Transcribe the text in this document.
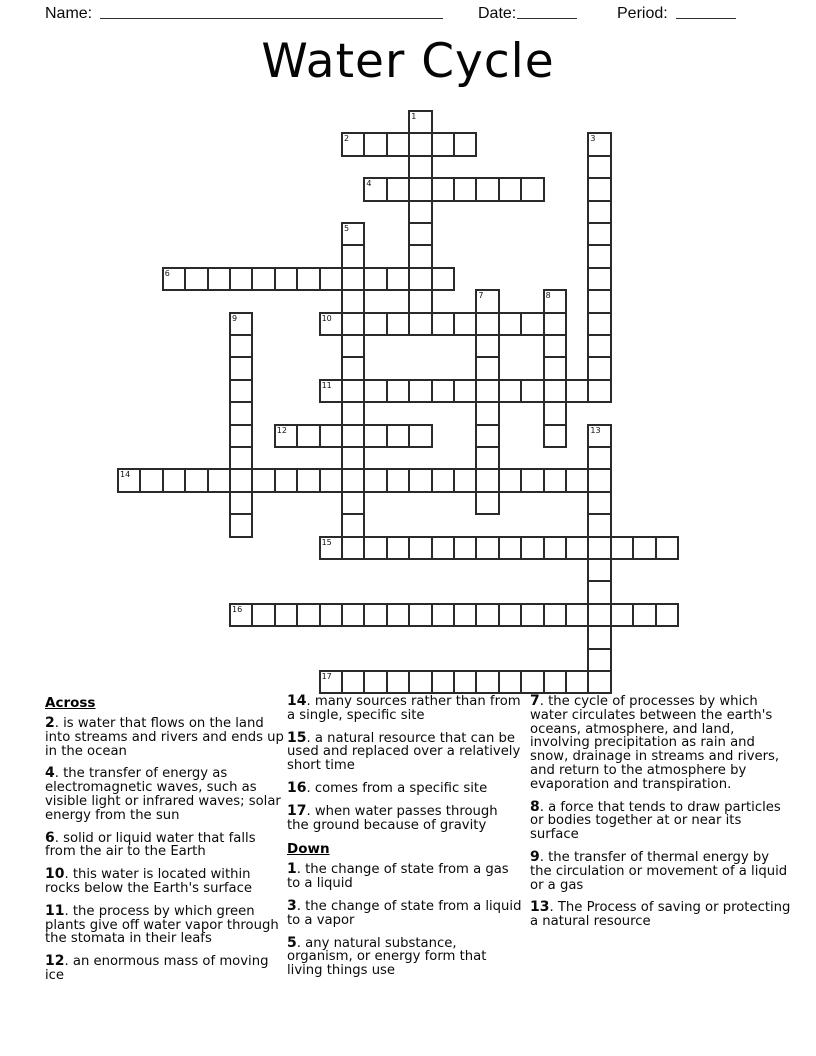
Name:	Date:	Period:
Water Cycle
1
2	3
4
5
6
7	8
9	10
11
12	13
14
15
16
17
Across
2. is water that flows on the land into streams and rivers and ends up in the ocean
4. the transfer of energy as electromagnetic waves, such as visible light or infrared waves; solar energy from the sun
6. solid or liquid water that falls from the air to the Earth
10. this water is located within rocks below the Earth's surface
11. the process by which green plants give off water vapor through the stomata in their leafs
12. an enormous mass of moving ice
14. many sources rather than from a single, specific site
15. a natural resource that can be used and replaced over a relatively short time
16. comes from a specific site
17. when water passes through the ground because of gravity
Down
1. the change of state from a gas to a liquid
3. the change of state from a liquid to a vapor
5. any natural substance, organism, or energy form that living things use
7. the cycle of processes by which water circulates between the earth's oceans, atmosphere, and land, involving precipitation as rain and snow, drainage in streams and rivers, and return to the atmosphere by evaporation and transpiration.
8. a force that tends to draw particles or bodies together at or near its surface
9. the transfer of thermal energy by the circulation or movement of a liquid or a gas
13. The Process of saving or protecting a natural resource
